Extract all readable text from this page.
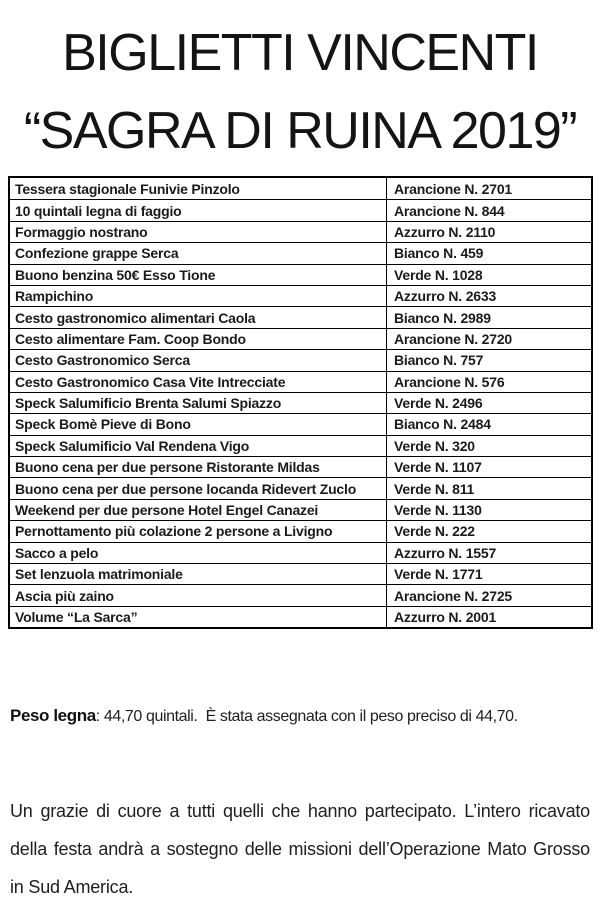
BIGLIETTI VINCENTI
“SAGRA DI RUINA 2019”
Tessera stagionale Funivie Pinzolo	Arancione N. 2701
10 quintali legna di faggio	Arancione N. 844
Formaggio nostrano	Azzurro N. 2110
Confezione grappe Serca	Bianco N. 459
Buono benzina 50€ Esso Tione	Verde N. 1028
Rampichino	Azzurro N. 2633
Cesto gastronomico alimentari Caola	Bianco N. 2989
Cesto alimentare Fam. Coop Bondo	Arancione N. 2720
Cesto Gastronomico Serca	Bianco N. 757
Cesto Gastronomico Casa Vite Intrecciate	Arancione N. 576
Speck Salumificio Brenta Salumi Spiazzo	Verde N. 2496
Speck Bomè Pieve di Bono	Bianco N. 2484
Speck Salumificio Val Rendena Vigo	Verde N. 320
Buono cena per due persone Ristorante Mildas	Verde N. 1107
Buono cena per due persone locanda Ridevert Zuclo	Verde N. 811
Weekend per due persone Hotel Engel Canazei	Verde N. 1130
Pernottamento più colazione 2 persone a Livigno	Verde N. 222
Sacco a pelo	Azzurro N. 1557
Set lenzuola matrimoniale	Verde N. 1771
Ascia più zaino	Arancione N. 2725
Volume “La Sarca”	Azzurro N. 2001

Peso legna: 44,70 quintali.  È stata assegnata con il peso preciso di 44,70.

Un grazie di cuore a tutti quelli che hanno partecipato. L’intero ricavato della festa andrà a sostegno delle missioni dell’Operazione Mato Grosso in Sud America.
